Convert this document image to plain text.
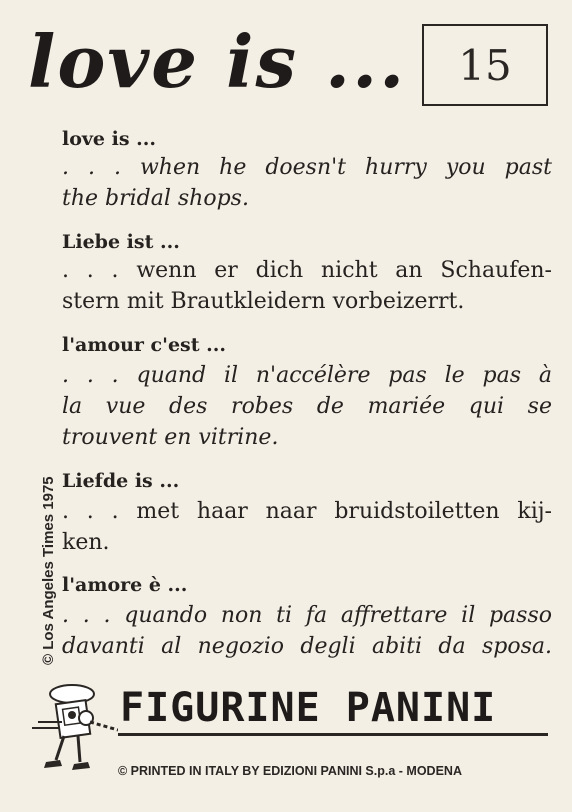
love is ...	15
love is ...
. . . when he doesn't hurry you past
the bridal shops.
Liebe ist ...
. . . wenn er dich nicht an Schaufen-
stern mit Brautkleidern vorbeizerrt.
l'amour c'est ...
. . . quand il n'accélère pas le pas à
la vue des robes de mariée qui se
trouvent en vitrine.
Liefde is ...
. . . met haar naar bruidstoiletten kij-
ken.
l'amore è ...
. . . quando non ti fa affrettare il passo
davanti al negozio degli abiti da sposa.
© Los Angeles Times 1975
FIGURINE PANINI
© PRINTED IN ITALY BY EDIZIONI PANINI S.p.a - MODENA
